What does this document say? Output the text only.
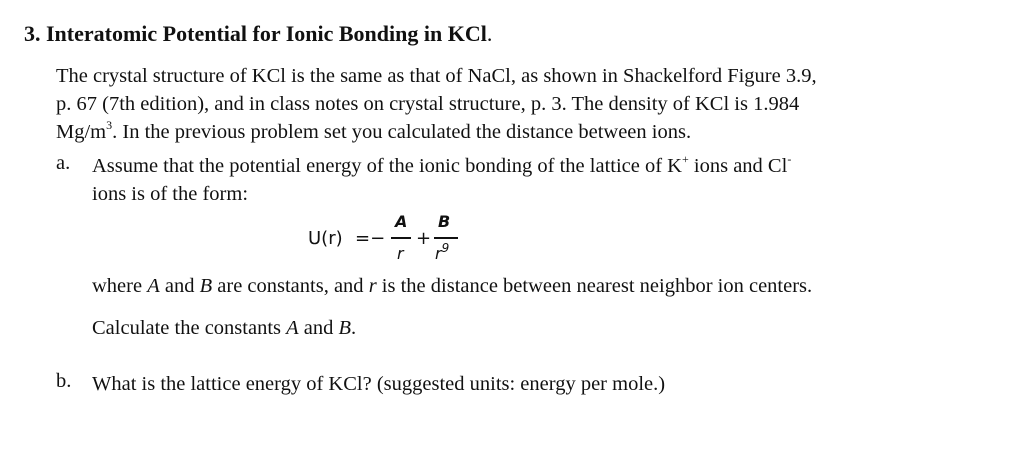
3. Interatomic Potential for Ionic Bonding in KCl.
The crystal structure of KCl is the same as that of NaCl, as shown in Shackelford Figure 3.9,
p. 67 (7th edition), and in class notes on crystal structure, p. 3. The density of KCl is 1.984
$Mg/m^3$. In the previous problem set you calculated the distance between ions.
a. Assume that the potential energy of the ionic bonding of the lattice of K+ ions and Cl-
ions is of the form:
U(r) =−
A
r
+
B
$r^9$
where A and B are constants, and r is the distance between nearest neighbor ion centers.
Calculate the constants A and B.
b. What is the lattice energy of KCl? (suggested units: energy per mole.)
